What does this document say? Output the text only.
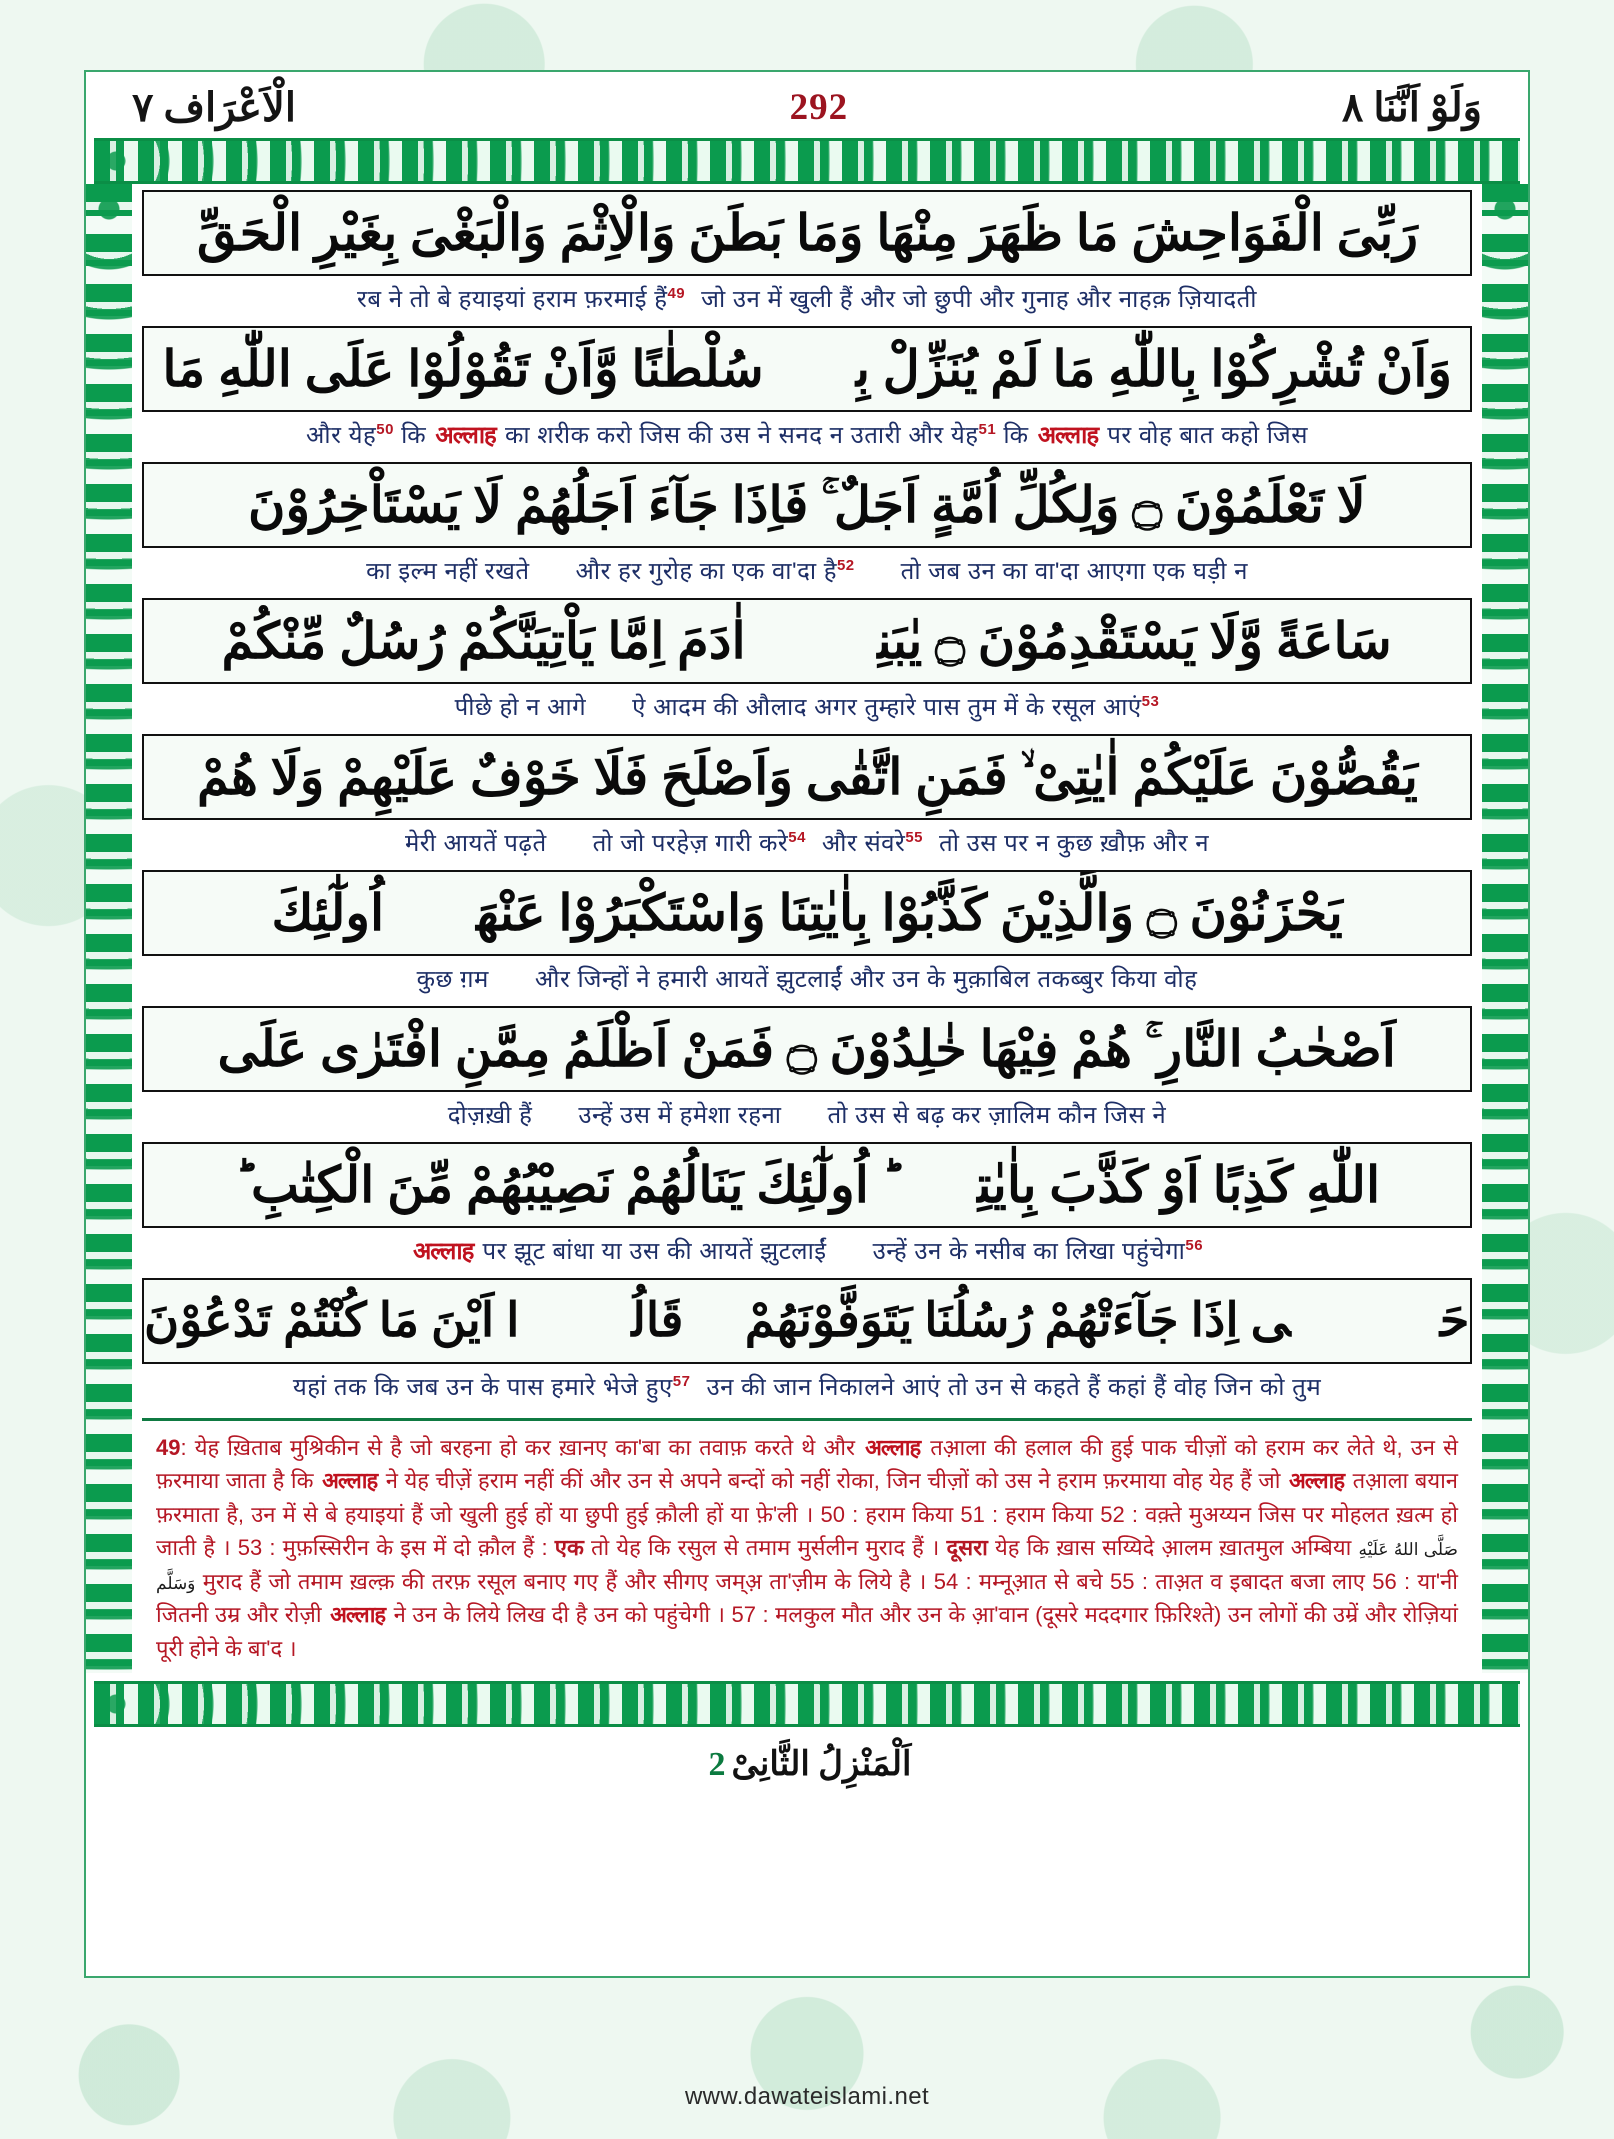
الْاَعْرَاف ٧	292	وَلَوْ اَنَّنَا ٨
رَبِّىَ الْفَوَاحِشَ مَا ظَهَرَ مِنْهَا وَمَا بَطَنَ وَالْاِثْمَ وَالْبَغْىَ بِغَيْرِ الْحَقِّ
रब ने तो बे हयाइयां हराम फ़रमाई हैं$^{49}$ जो उन में खुली हैं और जो छुपी और गुनाह और नाहक़ ज़ियादती
وَاَنْ تُشْرِكُوْا بِاللّٰهِ مَا لَمْ يُنَزِّلْ بِهٖ سُلْطٰنًا وَّاَنْ تَقُوْلُوْا عَلَى اللّٰهِ مَا
और येह$^{50}$ कि अल्लाह का शरीक करो जिस की उस ने सनद न उतारी और येह$^{51}$ कि अल्लाह पर वोह बात कहो जिस
لَا تَعْلَمُوْنَ ۝ وَلِكُلِّ اُمَّةٍ اَجَلٌ ۚ فَاِذَا جَآءَ اَجَلُهُمْ لَا يَسْتَاْخِرُوْنَ
का इल्म नहीं रखते और हर गुरोह का एक वा'दा है$^{52}$ तो जब उन का वा'दा आएगा एक घड़ी न
سَاعَةً وَّلَا يَسْتَقْدِمُوْنَ ۝ يٰبَنِىْۤ اٰدَمَ اِمَّا يَاْتِيَنَّكُمْ رُسُلٌ مِّنْكُمْ
पीछे हो न आगे ऐ आदम की औलाद अगर तुम्हारे पास तुम में के रसूल आएं$^{53}$
يَقُصُّوْنَ عَلَيْكُمْ اٰيٰتِىْ ۙ فَمَنِ اتَّقٰى وَاَصْلَحَ فَلَا خَوْفٌ عَلَيْهِمْ وَلَا هُمْ
मेरी आयतें पढ़ते तो जो परहेज़ गारी करे$^{54}$ और संवरे$^{55}$ तो उस पर न कुछ ख़ौफ़ और न
يَحْزَنُوْنَ ۝ وَالَّذِيْنَ كَذَّبُوْا بِاٰيٰتِنَا وَاسْتَكْبَرُوْا عَنْهَاۤ اُولٰٓئِكَ
कुछ ग़म और जिन्हों ने हमारी आयतें झुटलाईं और उन के मुक़ाबिल तकब्बुर किया वोह
اَصْحٰبُ النَّارِ ۚ هُمْ فِيْهَا خٰلِدُوْنَ ۝ فَمَنْ اَظْلَمُ مِمَّنِ افْتَرٰى عَلَى
दोज़ख़ी हैं उन्हें उस में हमेशा रहना तो उस से बढ़ कर ज़ालिम कौन जिस ने
اللّٰهِ كَذِبًا اَوْ كَذَّبَ بِاٰيٰتِهٖ ؕ اُولٰٓئِكَ يَنَالُهُمْ نَصِيْبُهُمْ مِّنَ الْكِتٰبِ ؕ
अल्लाह पर झूट बांधा या उस की आयतें झुटलाईं उन्हें उन के नसीब का लिखा पहुंचेगा$^{56}$
حَتّٰۤى اِذَا جَآءَتْهُمْ رُسُلُنَا يَتَوَفَّوْنَهُمْ ۙ قَالُوْۤا اَيْنَ مَا كُنْتُمْ تَدْعُوْنَ
यहां तक कि जब उन के पास हमारे भेजे हुए$^{57}$ उन की जान निकालने आएं तो उन से कहते हैं कहां हैं वोह जिन को तुम
49: येह ख़िताब मुश्रिकीन से है जो बरहना हो कर ख़ानए का'बा का तवाफ़ करते थे और अल्लाह तआ़ला की हलाल की हुई पाक चीज़ों को हराम कर लेते थे, उन से फ़रमाया जाता है कि अल्लाह ने येह चीज़ें हराम नहीं कीं और उन से अपने बन्दों को नहीं रोका, जिन चीज़ों को उस ने हराम फ़रमाया वोह येह हैं जो अल्लाह तआ़ला बयान फ़रमाता है, उन में से बे हयाइयां हैं जो खुली हुई हों या छुपी हुई क़ौली हों या फ़े'ली । 50 : हराम किया 51 : हराम किया 52 : वक़्ते मुअय्यन जिस पर मोहलत ख़त्म हो जाती है । 53 : मुफ़स्सिरीन के इस में दो क़ौल हैं : एक तो येह कि रसुल से तमाम मुर्सलीन मुराद हैं । दूसरा येह कि ख़ास सय्यिदे आ़लम ख़ातमुल अम्बिया صَلَّى اللهُ عَلَيْهِ وَسَلَّم मुराद हैं जो तमाम ख़ल्क़ की तरफ़ रसूल बनाए गए हैं और सीगए जम्अ़ ता'ज़ीम के लिये है । 54 : मम्नूआ़त से बचे 55 : ताअ़त व इबादत बजा लाए 56 : या'नी जितनी उम्र और रोज़ी अल्लाह ने उन के लिये लिख दी है उन को पहुंचेगी । 57 : मलकुल मौत और उन के आ़'वान (दूसरे मददगार फ़िरिश्ते) उन लोगों की उम्रें और रोज़ियां पूरी होने के बा'द ।
اَلْمَنْزِلُ الثَّانِىْ2
www.dawateislami.net
